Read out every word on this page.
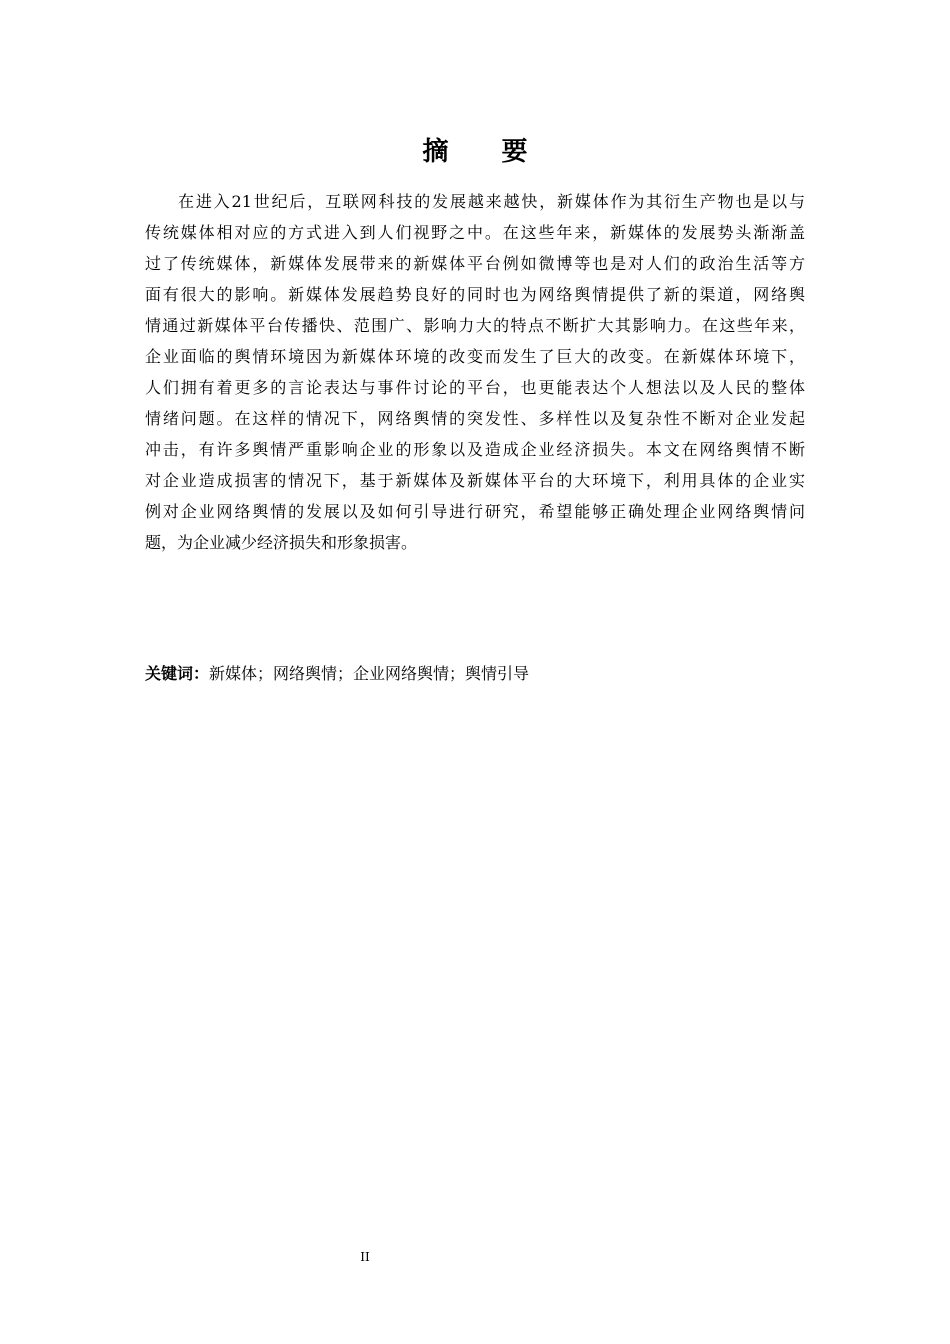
摘 要
在进入21世纪后，互联网科技的发展越来越快，新媒体作为其衍生产物也是以与
传统媒体相对应的方式进入到人们视野之中。在这些年来，新媒体的发展势头渐渐盖
过了传统媒体，新媒体发展带来的新媒体平台例如微博等也是对人们的政治生活等方
面有很大的影响。新媒体发展趋势良好的同时也为网络舆情提供了新的渠道，网络舆
情通过新媒体平台传播快、范围广、影响力大的特点不断扩大其影响力。在这些年来，
企业面临的舆情环境因为新媒体环境的改变而发生了巨大的改变。在新媒体环境下，
人们拥有着更多的言论表达与事件讨论的平台，也更能表达个人想法以及人民的整体
情绪问题。在这样的情况下，网络舆情的突发性、多样性以及复杂性不断对企业发起
冲击，有许多舆情严重影响企业的形象以及造成企业经济损失。本文在网络舆情不断
对企业造成损害的情况下，基于新媒体及新媒体平台的大环境下，利用具体的企业实
例对企业网络舆情的发展以及如何引导进行研究，希望能够正确处理企业网络舆情问
题，为企业减少经济损失和形象损害。
关键词：新媒体；网络舆情；企业网络舆情；舆情引导
II
